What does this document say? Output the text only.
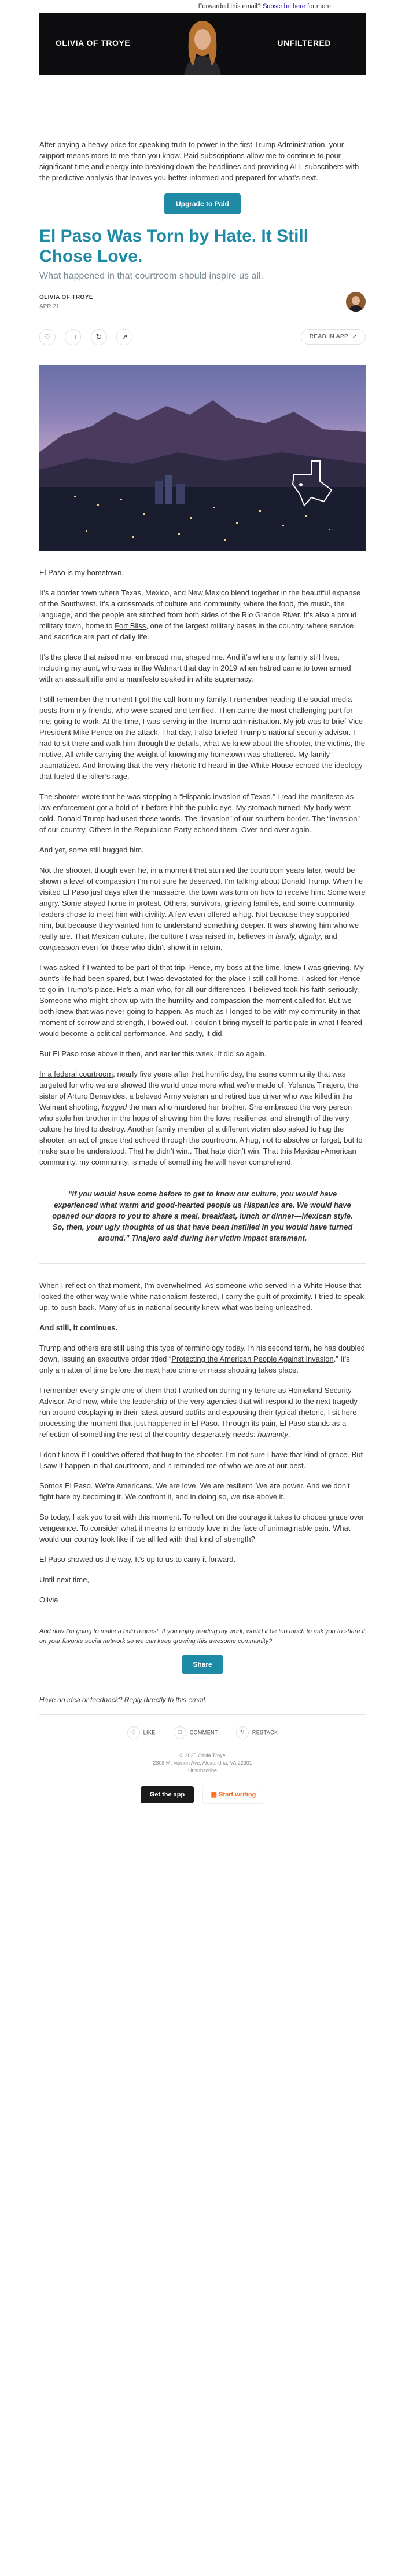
Forwarded this email? Subscribe here for more
OLIVIA OF TROYE	UNFILTERED
After paying a heavy price for speaking truth to power in the first Trump Administration, your support means more to me than you know. Paid subscriptions allow me to continue to pour significant time and energy into breaking down the headlines and providing ALL subscribers with the predictive analysis that leaves you better informed and prepared for what’s next.
Upgrade to Paid
El Paso Was Torn by Hate. It Still Chose Love.
What happened in that courtroom should inspire us all.
OLIVIA OF TROYE
APR 21
♡	□	↻	↗	READ IN APP  ↗

El Paso is my hometown.

It’s a border town where Texas, Mexico, and New Mexico blend together in the beautiful expanse of the Southwest. It’s a crossroads of culture and community, where the food, the music, the language, and the people are stitched from both sides of the Rio Grande River. It’s also a proud military town, home to Fort Bliss, one of the largest military bases in the country, where service and sacrifice are part of daily life.

It’s the place that raised me, embraced me, shaped me. And it’s where my family still lives, including my aunt, who was in the Walmart that day in 2019 when hatred came to town armed with an assault rifle and a manifesto soaked in white supremacy.

I still remember the moment I got the call from my family. I remember reading the social media posts from my friends, who were scared and terrified. Then came the most challenging part for me: going to work. At the time, I was serving in the Trump administration. My job was to brief Vice President Mike Pence on the attack. That day, I also briefed Trump’s national security advisor. I had to sit there and walk him through the details, what we knew about the shooter, the victims, the motive. All while carrying the weight of knowing my hometown was shattered. My family traumatized. And knowing that the very rhetoric I’d heard in the White House echoed the ideology that fueled the killer’s rage.

The shooter wrote that he was stopping a “Hispanic invasion of Texas.” I read the manifesto as law enforcement got a hold of it before it hit the public eye. My stomach turned. My body went cold. Donald Trump had used those words. The “invasion” of our southern border. The “invasion” of our country. Others in the Republican Party echoed them. Over and over again.

And yet, some still hugged him.

Not the shooter, though even he, in a moment that stunned the courtroom years later, would be shown a level of compassion I’m not sure he deserved. I’m talking about Donald Trump. When he visited El Paso just days after the massacre, the town was torn on how to receive him. Some were angry. Some stayed home in protest. Others, survivors, grieving families, and some community leaders chose to meet him with civility. A few even offered a hug. Not because they supported him, but because they wanted him to understand something deeper. It was showing him who we really are. That Mexican culture, the culture I was raised in, believes in family, dignity, and compassion even for those who didn’t show it in return.

I was asked if I wanted to be part of that trip. Pence, my boss at the time, knew I was grieving. My aunt’s life had been spared, but I was devastated for the place I still call home. I asked for Pence to go in Trump’s place. He’s a man who, for all our differences, I believed took his faith seriously. Someone who might show up with the humility and compassion the moment called for. But we both knew that was never going to happen. As much as I longed to be with my community in that moment of sorrow and strength, I bowed out. I couldn’t bring myself to participate in what I feared would become a political performance. And sadly, it did.

But El Paso rose above it then, and earlier this week, it did so again.

In a federal courtroom, nearly five years after that horrific day, the same community that was targeted for who we are showed the world once more what we’re made of. Yolanda Tinajero, the sister of Arturo Benavides, a beloved Army veteran and retired bus driver who was killed in the Walmart shooting, hugged the man who murdered her brother. She embraced the very person who stole her brother in the hope of showing him the love, resilience, and strength of the very culture he tried to destroy. Another family member of a different victim also asked to hug the shooter, an act of grace that echoed through the courtroom. A hug, not to absolve or forget, but to make sure he understood. That he didn’t win.. That hate didn’t win. That this Mexican-American community, my community, is made of something he will never comprehend.

“If you would have come before to get to know our culture, you would have experienced what warm and good-hearted people us Hispanics are. We would have opened our doors to you to share a meal, breakfast, lunch or dinner—Mexican style. So, then, your ugly thoughts of us that have been instilled in you would have turned around,” Tinajero said during her victim impact statement.

When I reflect on that moment, I’m overwhelmed. As someone who served in a White House that looked the other way while white nationalism festered, I carry the guilt of proximity. I tried to speak up, to push back. Many of us in national security knew what was being unleashed.

And still, it continues.

Trump and others are still using this type of terminology today. In his second term, he has doubled down, issuing an executive order titled “Protecting the American People Against Invasion.” It’s only a matter of time before the next hate crime or mass shooting takes place.

I remember every single one of them that I worked on during my tenure as Homeland Security Advisor. And now, while the leadership of the very agencies that will respond to the next tragedy run around cosplaying in their latest absurd outfits and espousing their typical rhetoric, I sit here processing the moment that just happened in El Paso. Through its pain, El Paso stands as a reflection of something the rest of the country desperately needs: humanity.

I don’t know if I could’ve offered that hug to the shooter. I’m not sure I have that kind of grace. But I saw it happen in that courtroom, and it reminded me of who we are at our best.

Somos El Paso. We’re Americans. We are love. We are resilient. We are power. And we don’t fight hate by becoming it. We confront it, and in doing so, we rise above it.

So today, I ask you to sit with this moment. To reflect on the courage it takes to choose grace over vengeance. To consider what it means to embody love in the face of unimaginable pain. What would our country look like if we all led with that kind of strength?

El Paso showed us the way. It’s up to us to carry it forward.

Until next time,

Olivia

And now I’m going to make a bold request. If you enjoy reading my work, would it be too much to ask you to share it on your favorite social network so we can keep growing this awesome community?
Share
Have an idea or feedback? Reply directly to this email.
♡ LIKE	□ COMMENT	↻ RESTACK
© 2025 Olivia Troye
2308 Mt Vernon Ave, Alexandria, VA 22301
Unsubscribe
Get the app	▦ Start writing
